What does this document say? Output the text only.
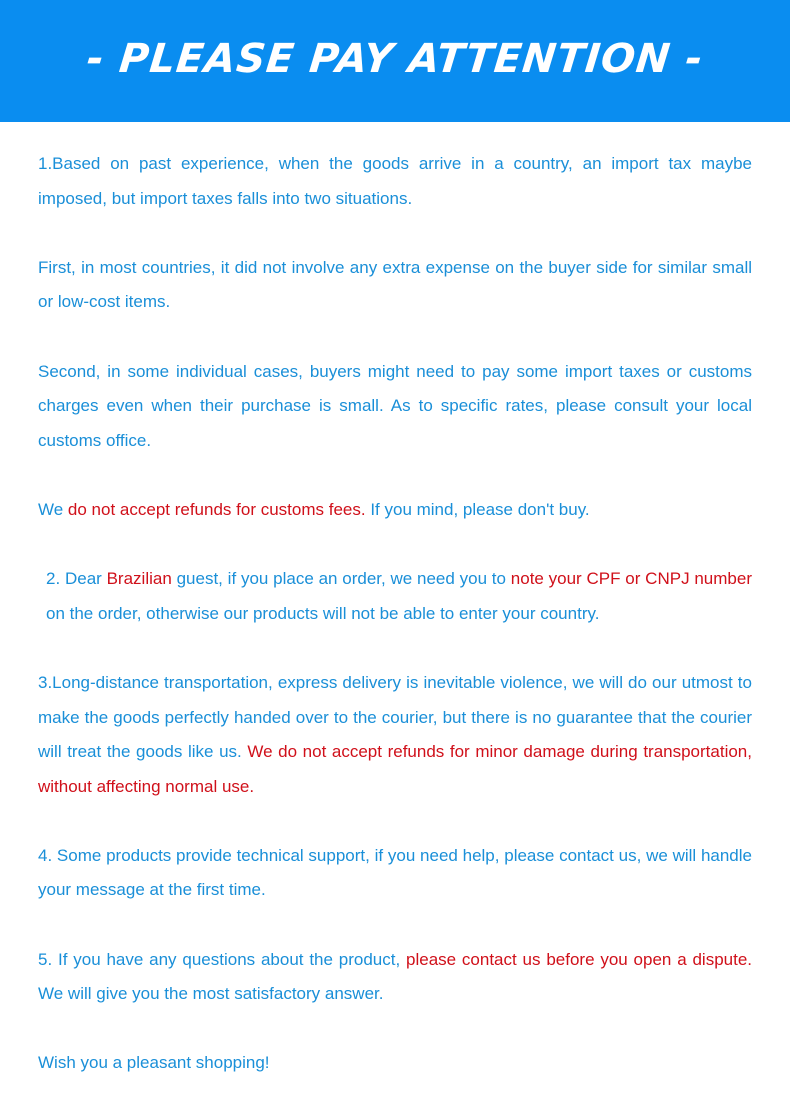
- PLEASE PAY ATTENTION -

1.Based on past experience, when the goods arrive in a country, an import tax maybe imposed, but import taxes falls into two situations.

First, in most countries, it did not involve any extra expense on the buyer side for similar small or low-cost items.

Second, in some individual cases, buyers might need to pay some import taxes or customs charges even when their purchase is small. As to specific rates, please consult your local customs office.

We do not accept refunds for customs fees. If you mind, please don't buy.

2. Dear Brazilian guest, if you place an order, we need you to note your CPF or CNPJ number on the order, otherwise our products will not be able to enter your country.

3.Long-distance transportation, express delivery is inevitable violence, we will do our utmost to make the goods perfectly handed over to the courier, but there is no guarantee that the courier will treat the goods like us. We do not accept refunds for minor damage during transportation, without affecting normal use.

4. Some products provide technical support, if you need help, please contact us, we will handle your message at the first time.

5. If you have any questions about the product, please contact us before you open a dispute. We will give you the most satisfactory answer.

Wish you a pleasant shopping!
